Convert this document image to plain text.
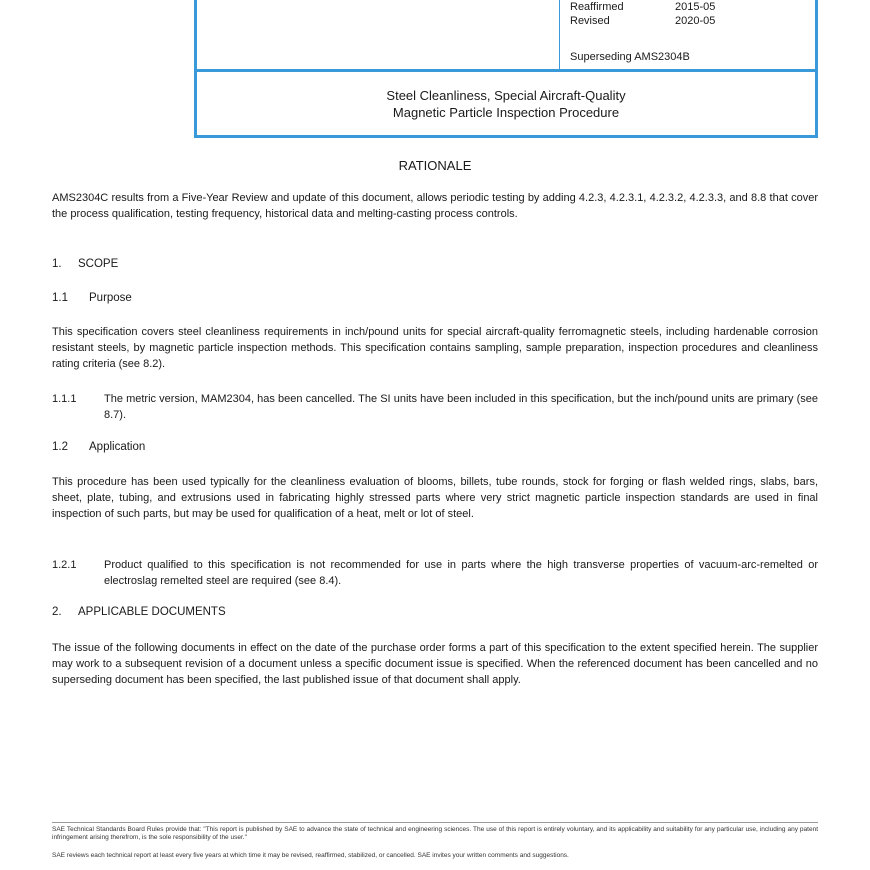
Reaffirmed	2015-05
Revised	2020-05
Superseding AMS2304B
Steel Cleanliness, Special Aircraft-Quality
Magnetic Particle Inspection Procedure
RATIONALE
AMS2304C results from a Five-Year Review and update of this document, allows periodic testing by adding 4.2.3, 4.2.3.1, 4.2.3.2, 4.2.3.3, and 8.8 that cover the process qualification, testing frequency, historical data and melting-casting process controls.
1. SCOPE
1.1 Purpose
This specification covers steel cleanliness requirements in inch/pound units for special aircraft-quality ferromagnetic steels, including hardenable corrosion resistant steels, by magnetic particle inspection methods. This specification contains sampling, sample preparation, inspection procedures and cleanliness rating criteria (see 8.2).
1.1.1	The metric version, MAM2304, has been cancelled. The SI units have been included in this specification, but the inch/pound units are primary (see 8.7).
1.2 Application
This procedure has been used typically for the cleanliness evaluation of blooms, billets, tube rounds, stock for forging or flash welded rings, slabs, bars, sheet, plate, tubing, and extrusions used in fabricating highly stressed parts where very strict magnetic particle inspection standards are used in final inspection of such parts, but may be used for qualification of a heat, melt or lot of steel.
1.2.1	Product qualified to this specification is not recommended for use in parts where the high transverse properties of vacuum-arc-remelted or electroslag remelted steel are required (see 8.4).
2. APPLICABLE DOCUMENTS
The issue of the following documents in effect on the date of the purchase order forms a part of this specification to the extent specified herein. The supplier may work to a subsequent revision of a document unless a specific document issue is specified. When the referenced document has been cancelled and no superseding document has been specified, the last published issue of that document shall apply.
SAE Technical Standards Board Rules provide that: "This report is published by SAE to advance the state of technical and engineering sciences. The use of this report is entirely voluntary, and its applicability and suitability for any particular use, including any patent infringement arising therefrom, is the sole responsibility of the user."
SAE reviews each technical report at least every five years at which time it may be revised, reaffirmed, stabilized, or cancelled. SAE invites your written comments and suggestions.
